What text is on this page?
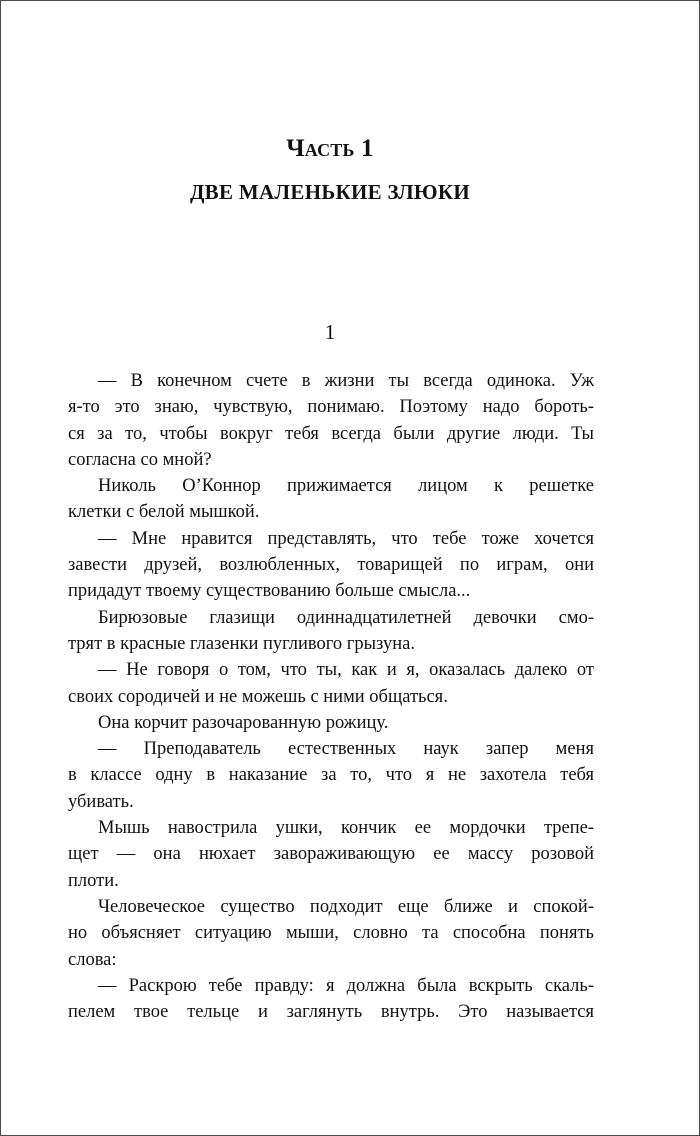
Часть 1
ДВЕ МАЛЕНЬКИЕ ЗЛЮКИ
1
— В конечном счете в жизни ты всегда одинока. Уж
я-то это знаю, чувствую, понимаю. Поэтому надо бороть-
ся за то, чтобы вокруг тебя всегда были другие люди. Ты
согласна со мной?
Николь О’Коннор прижимается лицом к решетке
клетки с белой мышкой.
— Мне нравится представлять, что тебе тоже хочется
завести друзей, возлюбленных, товарищей по играм, они
придадут твоему существованию больше смысла...
Бирюзовые глазищи одиннадцатилетней девочки смо-
трят в красные глазенки пугливого грызуна.
— Не говоря о том, что ты, как и я, оказалась далеко от
своих сородичей и не можешь с ними общаться.
Она корчит разочарованную рожицу.
— Преподаватель естественных наук запер меня
в классе одну в наказание за то, что я не захотела тебя
убивать.
Мышь навострила ушки, кончик ее мордочки трепе-
щет — она нюхает завораживающую ее массу розовой
плоти.
Человеческое существо подходит еще ближе и спокой-
но объясняет ситуацию мыши, словно та способна понять
слова:
— Раскрою тебе правду: я должна была вскрыть скаль-
пелем твое тельце и заглянуть внутрь. Это называется
